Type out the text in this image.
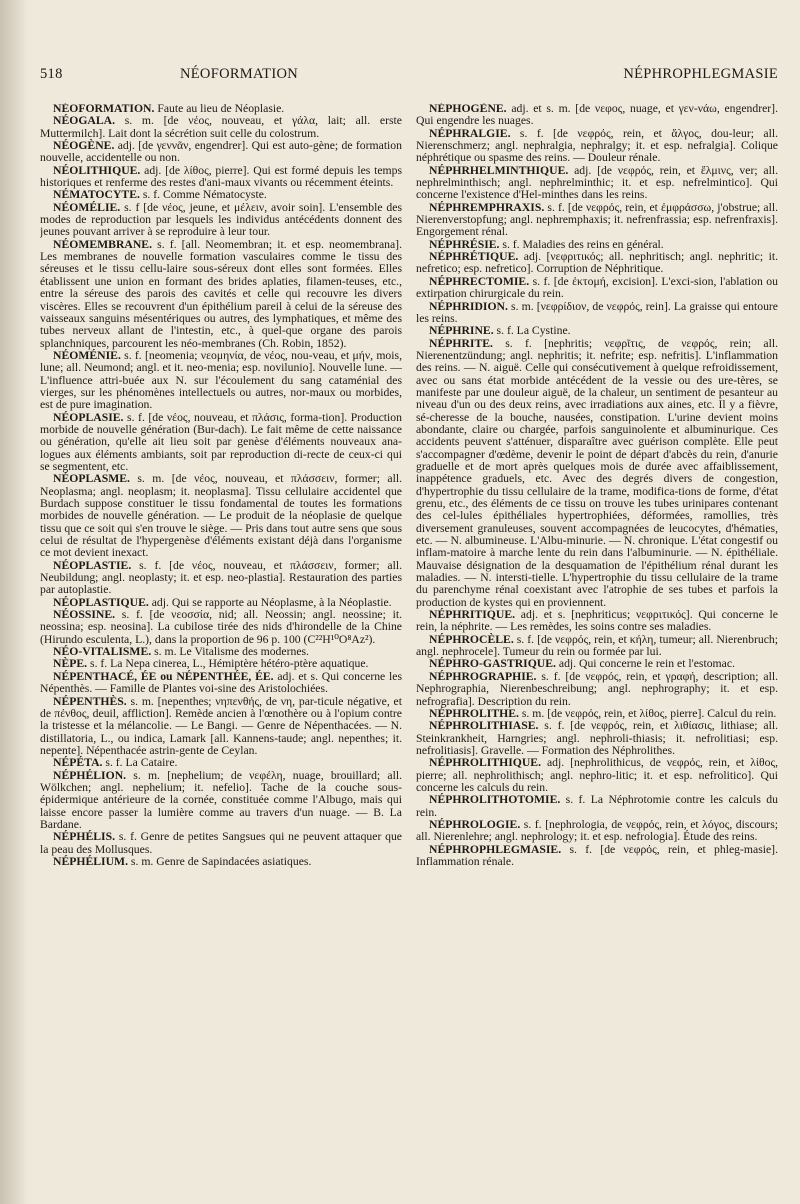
518	NÉOFORMATION	NÉPHROPHLEGMASIE

NÉOFORMATION. Faute au lieu de Néoplasie.

NÉOGALA. s. m. [de νέος, nouveau, et γάλα, lait; all. erste Muttermilch]. Lait dont la sécrétion suit celle du colostrum.

NÉOGÈNE. adj. [de γεννᾶν, engendrer]. Qui est auto-gène; de formation nouvelle, accidentelle ou non.

NÉOLITHIQUE. adj. [de λίθος, pierre]. Qui est formé depuis les temps historiques et renferme des restes d'ani-maux vivants ou récemment éteints.

NÉMATOCYTE. s. f. Comme Nématocyste.

NÉOMÉLIE. s. f [de νέος, jeune, et μέλειν, avoir soin]. L'ensemble des modes de reproduction par lesquels les individus antécédents donnent des jeunes pouvant arriver à se reproduire à leur tour.

NÉOMEMBRANE. s. f. [all. Neomembran; it. et esp. neomembrana]. Les membranes de nouvelle formation vasculaires comme le tissu des séreuses et le tissu cellu-laire sous-séreux dont elles sont formées. Elles établissent une union en formant des brides aplaties, filamen-teuses, etc., entre la séreuse des parois des cavités et celle qui recouvre les divers viscères. Elles se recouvrent d'un épithélium pareil à celui de la séreuse des vaisseaux sanguins mésentériques ou autres, des lymphatiques, et même des tubes nerveux allant de l'intestin, etc., à quel-que organe des parois splanchniques, parcourent les néo-membranes (Ch. Robin, 1852).

NÉOMÉNIE. s. f. [neomenia; νεομηνία, de νέος, nou-veau, et μήν, mois, lune; all. Neumond; angl. et it. neo-menia; esp. novilunio]. Nouvelle lune. — L'influence attri-buée aux N. sur l'écoulement du sang cataménial des vierges, sur les phénomènes intellectuels ou autres, nor-maux ou morbides, est de pure imagination.

NÉOPLASIE. s. f. [de νέος, nouveau, et πλάσις, forma-tion]. Production morbide de nouvelle génération (Bur-dach). Le fait même de cette naissance ou génération, qu'elle ait lieu soit par genèse d'éléments nouveaux ana-logues aux éléments ambiants, soit par reproduction di-recte de ceux-ci qui se segmentent, etc.

NÉOPLASME. s. m. [de νέος, nouveau, et πλάσσειν, former; all. Neoplasma; angl. neoplasm; it. neoplasma]. Tissu cellulaire accidentel que Burdach suppose constituer le tissu fondamental de toutes les formations morbides de nouvelle génération. — Le produit de la néoplasie de quelque tissu que ce soit qui s'en trouve le siège. — Pris dans tout autre sens que sous celui de résultat de l'hypergenèse d'éléments existant déjà dans l'organisme ce mot devient inexact.

NÉOPLASTIE. s. f. [de νέος, nouveau, et πλάσσειν, former; all. Neubildung; angl. neoplasty; it. et esp. neo-plastia]. Restauration des parties par autoplastie.

NÉOPLASTIQUE. adj. Qui se rapporte au Néoplasme, à la Néoplastie.

NÉOSSINE. s. f. [de νεοσσία, nid; all. Neossin; angl. neossine; it. neossina; esp. neosina]. La cubilose tirée des nids d'hirondelle de la Chine (Hirundo esculenta, L.), dans la proportion de 96 p. 100 (C²²H¹⁰O⁸Az²).

NÉO-VITALISME. s. m. Le Vitalisme des modernes.

NÈPE. s. f. La Nepa cinerea, L., Hémiptère hétéro-ptère aquatique.

NÉPENTHACÉ, ÉE ou NÉPENTHÉE, ÉE. adj. et s. Qui concerne les Népenthès. — Famille de Plantes voi-sine des Aristolochiées.

NÉPENTHÈS. s. m. [nepenthes; νηπενθής, de νη, par-ticule négative, et de πένθος, deuil, affliction]. Remède ancien à l'œnothère ou à l'opium contre la tristesse et la mélancolie. — Le Bangi. — Genre de Népenthacées. — N. distillatoria, L., ou indica, Lamark [all. Kannens-taude; angl. nepenthes; it. nepente]. Népenthacée astrin-gente de Ceylan.

NÉPÉTA. s. f. La Cataire.

NÉPHÉLION. s. m. [nephelium; de νεφέλη, nuage, brouillard; all. Wölkchen; angl. nephelium; it. nefelio]. Tache de la couche sous-épidermique antérieure de la cornée, constituée comme l'Albugo, mais qui laisse encore passer la lumière comme au travers d'un nuage. — B. La Bardane.

NÉPHÉLIS. s. f. Genre de petites Sangsues qui ne peuvent attaquer que la peau des Mollusques.

NÉPHÉLIUM. s. m. Genre de Sapindacées asiatiques.

NÉPHOGÈNE. adj. et s. m. [de νεφος, nuage, et γεν-νάω, engendrer]. Qui engendre les nuages.

NÉPHRALGIE. s. f. [de νεφρός, rein, et ἄλγος, dou-leur; all. Nierenschmerz; angl. nephralgia, nephralgy; it. et esp. nefralgia]. Colique néphrétique ou spasme des reins. — Douleur rénale.

NÉPHRHELMINTHIQUE. adj. [de νεφρός, rein, et ἕλμινς, ver; all. nephrelminthisch; angl. nephrelminthic; it. et esp. nefrelmintico]. Qui concerne l'existence d'Hel-minthes dans les reins.

NÉPHREMPHRAXIS. s. f. [de νεφρός, rein, et ἐμφράσσω, j'obstrue; all. Nierenverstopfung; angl. nephremphaxis; it. nefrenfrassia; esp. nefrenfraxis]. Engorgement rénal.

NÉPHRÉSIE. s. f. Maladies des reins en général.

NÉPHRÉTIQUE. adj. [νεφριτικός; all. nephritisch; angl. nephritic; it. nefretico; esp. nefretico]. Corruption de Néphritique.

NÉPHRECTOMIE. s. f. [de ἐκτομή, excision]. L'exci-sion, l'ablation ou extirpation chirurgicale du rein.

NÉPHRIDION. s. m. [νεφρίδιον, de νεφρός, rein]. La graisse qui entoure les reins.

NÉPHRINE. s. f. La Cystine.

NÉPHRITE. s. f. [nephritis; νεφρῖτις, de νεφρός, rein; all. Nierenentzündung; angl. nephritis; it. nefrite; esp. nefritis]. L'inflammation des reins. — N. aiguë. Celle qui consécutivement à quelque refroidissement, avec ou sans état morbide antécédent de la vessie ou des ure-tères, se manifeste par une douleur aiguë, de la chaleur, un sentiment de pesanteur au niveau d'un ou des deux reins, avec irradiations aux aines, etc. Il y a fièvre, sé-cheresse de la bouche, nausées, constipation. L'urine devient moins abondante, claire ou chargée, parfois sanguinolente et albuminurique. Ces accidents peuvent s'atténuer, disparaître avec guérison complète. Elle peut s'accompagner d'œdème, devenir le point de départ d'abcès du rein, d'anurie graduelle et de mort après quelques mois de durée avec affaiblissement, inappétence graduels, etc. Avec des degrés divers de congestion, d'hypertrophie du tissu cellulaire de la trame, modifica-tions de forme, d'état grenu, etc., des éléments de ce tissu on trouve les tubes urinipares contenant des cel-lules épithéliales hypertrophiées, déformées, ramollies, très diversement granuleuses, souvent accompagnées de leucocytes, d'hématies, etc. — N. albumineuse. L'Albu-minurie. — N. chronique. L'état congestif ou inflam-matoire à marche lente du rein dans l'albuminurie. — N. épithéliale. Mauvaise désignation de la desquamation de l'épithélium rénal durant les maladies. — N. intersti-tielle. L'hypertrophie du tissu cellulaire de la trame du parenchyme rénal coexistant avec l'atrophie de ses tubes et parfois la production de kystes qui en proviennent.

NÉPHRITIQUE. adj. et s. [nephriticus; νεφριτικός]. Qui concerne le rein, la néphrite. — Les remèdes, les soins contre ses maladies.

NÉPHROCÈLE. s. f. [de νεφρός, rein, et κήλη, tumeur; all. Nierenbruch; angl. nephrocele]. Tumeur du rein ou formée par lui.

NÉPHRO-GASTRIQUE. adj. Qui concerne le rein et l'estomac.

NÉPHROGRAPHIE. s. f. [de νεφρός, rein, et γραφή, description; all. Nephrographia, Nierenbeschreibung; angl. nephrography; it. et esp. nefrografia]. Description du rein.

NÉPHROLITHE. s. m. [de νεφρός, rein, et λίθος, pierre]. Calcul du rein.

NÉPHROLITHIASE. s. f. [de νεφρός, rein, et λιθίασις, lithiase; all. Steinkrankheit, Harngries; angl. nephroli-thiasis; it. nefrolitiasi; esp. nefrolitiasis]. Gravelle. — Formation des Néphrolithes.

NÉPHROLITHIQUE. adj. [nephrolithicus, de νεφρός, rein, et λίθος, pierre; all. nephrolithisch; angl. nephro-litic; it. et esp. nefrolitico]. Qui concerne les calculs du rein.

NÉPHROLITHOTOMIE. s. f. La Néphrotomie contre les calculs du rein.

NÉPHROLOGIE. s. f. [nephrologia, de νεφρός, rein, et λόγος, discours; all. Nierenlehre; angl. nephrology; it. et esp. nefrologia]. Étude des reins.

NÉPHROPHLEGMASIE. s. f. [de νεφρός, rein, et phleg-masie]. Inflammation rénale.
